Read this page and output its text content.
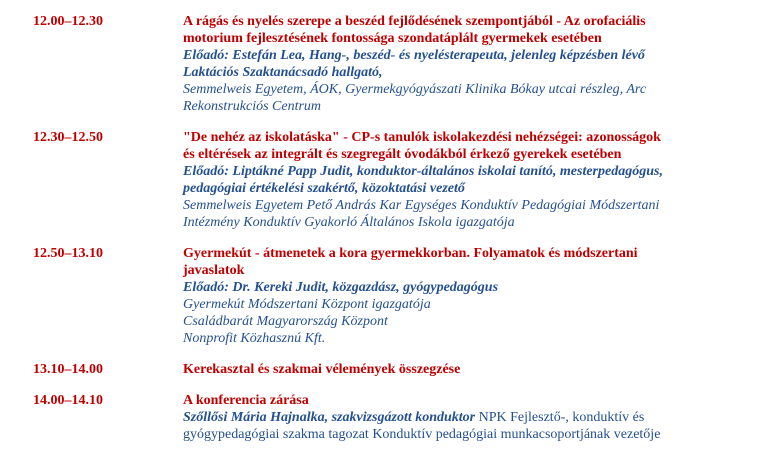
12.00–12.30	A rágás és nyelés szerepe a beszéd fejlődésének szempontjából - Az orofaciális motorium fejlesztésének fontossága szondatáplált gyermekek esetében
Előadó: Estefán Lea, Hang-, beszéd- és nyelésterapeuta, jelenleg képzésben lévő Laktációs Szaktanácsadó hallgató,
Semmelweis Egyetem, ÁOK, Gyermekgyógyászati Klinika Bókay utcai részleg, Arc Rekonstrukciós Centrum
12.30–12.50	"De nehéz az iskolatáska" - CP-s tanulók iskolakezdési nehézségei: azonosságok és eltérések az integrált és szegregált óvodákból érkező gyerekek esetében
Előadó: Liptákné Papp Judit, konduktor-általános iskolai tanító, mesterpedagógus, pedagógiai értékelési szakértő, közoktatási vezető
Semmelweis Egyetem Pető András Kar Egységes Konduktív Pedagógiai Módszertani Intézmény Konduktív Gyakorló Általános Iskola igazgatója
12.50–13.10	Gyermekút - átmenetek a kora gyermekkorban. Folyamatok és módszertani javaslatok
Előadó: Dr. Kereki Judit, közgazdász, gyógypedagógus
Gyermekút Módszertani Központ igazgatója
Családbarát Magyarország Központ
Nonprofit Közhasznú Kft.
13.10–14.00	Kerekasztal és szakmai vélemények összegzése
14.00–14.10	A konferencia zárása
Szőllősi Mária Hajnalka, szakvizsgázott konduktor NPK Fejlesztő-, konduktív és gyógypedagógiai szakma tagozat Konduktív pedagógiai munkacsoportjának vezetője
